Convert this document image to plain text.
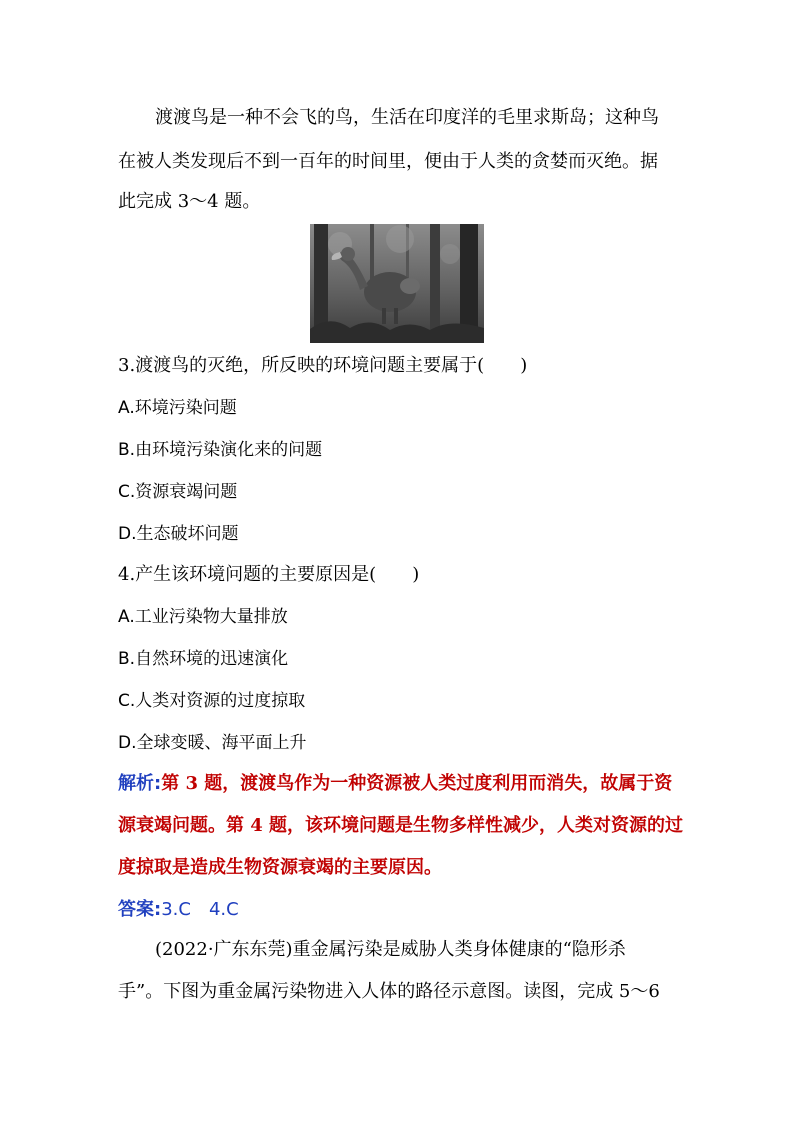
渡渡鸟是一种不会飞的鸟，生活在印度洋的毛里求斯岛；这种鸟
在被人类发现后不到一百年的时间里，便由于人类的贪婪而灭绝。据
此完成 3～4 题。
3.渡渡鸟的灭绝，所反映的环境问题主要属于(　　)
A.环境污染问题
B.由环境污染演化来的问题
C.资源衰竭问题
D.生态破坏问题
4.产生该环境问题的主要原因是(　　)
A.工业污染物大量排放
B.自然环境的迅速演化
C.人类对资源的过度掠取
D.全球变暖、海平面上升
解析:第 3 题，渡渡鸟作为一种资源被人类过度利用而消失，故属于资
源衰竭问题。第 4 题，该环境问题是生物多样性减少，人类对资源的过
度掠取是造成生物资源衰竭的主要原因。
答案:3.C　4.C
(2022·广东东莞)重金属污染是威胁人类身体健康的“隐形杀
手”。下图为重金属污染物进入人体的路径示意图。读图，完成 5～6
